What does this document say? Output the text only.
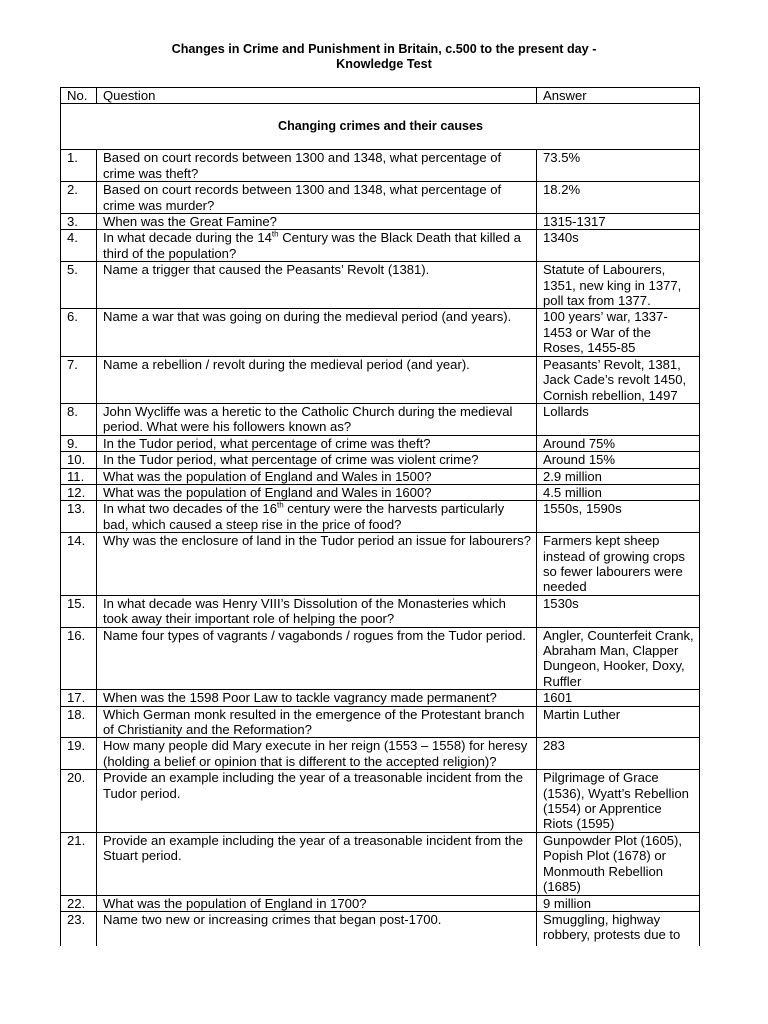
Changes in Crime and Punishment in Britain, c.500 to the present day -
Knowledge Test
No.	Question	Answer
Changing crimes and their causes		
1.	Based on court records between 1300 and 1348, what percentage of crime was theft?	73.5%
2.	Based on court records between 1300 and 1348, what percentage of crime was murder?	18.2%
3.	When was the Great Famine?	1315-1317
4.	In what decade during the 14th Century was the Black Death that killed a third of the population?	1340s
5.	Name a trigger that caused the Peasants’ Revolt (1381).	Statute of Labourers, 1351, new king in 1377, poll tax from 1377.
6.	Name a war that was going on during the medieval period (and years).	100 years’ war, 1337-1453 or War of the Roses, 1455-85
7.	Name a rebellion / revolt during the medieval period (and year).	Peasants’ Revolt, 1381, Jack Cade’s revolt 1450, Cornish rebellion, 1497
8.	John Wycliffe was a heretic to the Catholic Church during the medieval period. What were his followers known as?	Lollards
9.	In the Tudor period, what percentage of crime was theft?	Around 75%
10.	In the Tudor period, what percentage of crime was violent crime?	Around 15%
11.	What was the population of England and Wales in 1500?	2.9 million
12.	What was the population of England and Wales in 1600?	4.5 million
13.	In what two decades of the 16th century were the harvests particularly bad, which caused a steep rise in the price of food?	1550s, 1590s
14.	Why was the enclosure of land in the Tudor period an issue for labourers?	Farmers kept sheep instead of growing crops so fewer labourers were needed
15.	In what decade was Henry VIII’s Dissolution of the Monasteries which took away their important role of helping the poor?	1530s
16.	Name four types of vagrants / vagabonds / rogues from the Tudor period.	Angler, Counterfeit Crank, Abraham Man, Clapper Dungeon, Hooker, Doxy, Ruffler
17.	When was the 1598 Poor Law to tackle vagrancy made permanent?	1601
18.	Which German monk resulted in the emergence of the Protestant branch of Christianity and the Reformation?	Martin Luther
19.	How many people did Mary execute in her reign (1553 – 1558) for heresy (holding a belief or opinion that is different to the accepted religion)?	283
20.	Provide an example including the year of a treasonable incident from the Tudor period.	Pilgrimage of Grace (1536), Wyatt’s Rebellion (1554) or Apprentice Riots (1595)
21.	Provide an example including the year of a treasonable incident from the Stuart period.	Gunpowder Plot (1605), Popish Plot (1678) or Monmouth Rebellion (1685)
22.	What was the population of England in 1700?	9 million
23.	Name two new or increasing crimes that began post-1700.	Smuggling, highway robbery, protests due to
